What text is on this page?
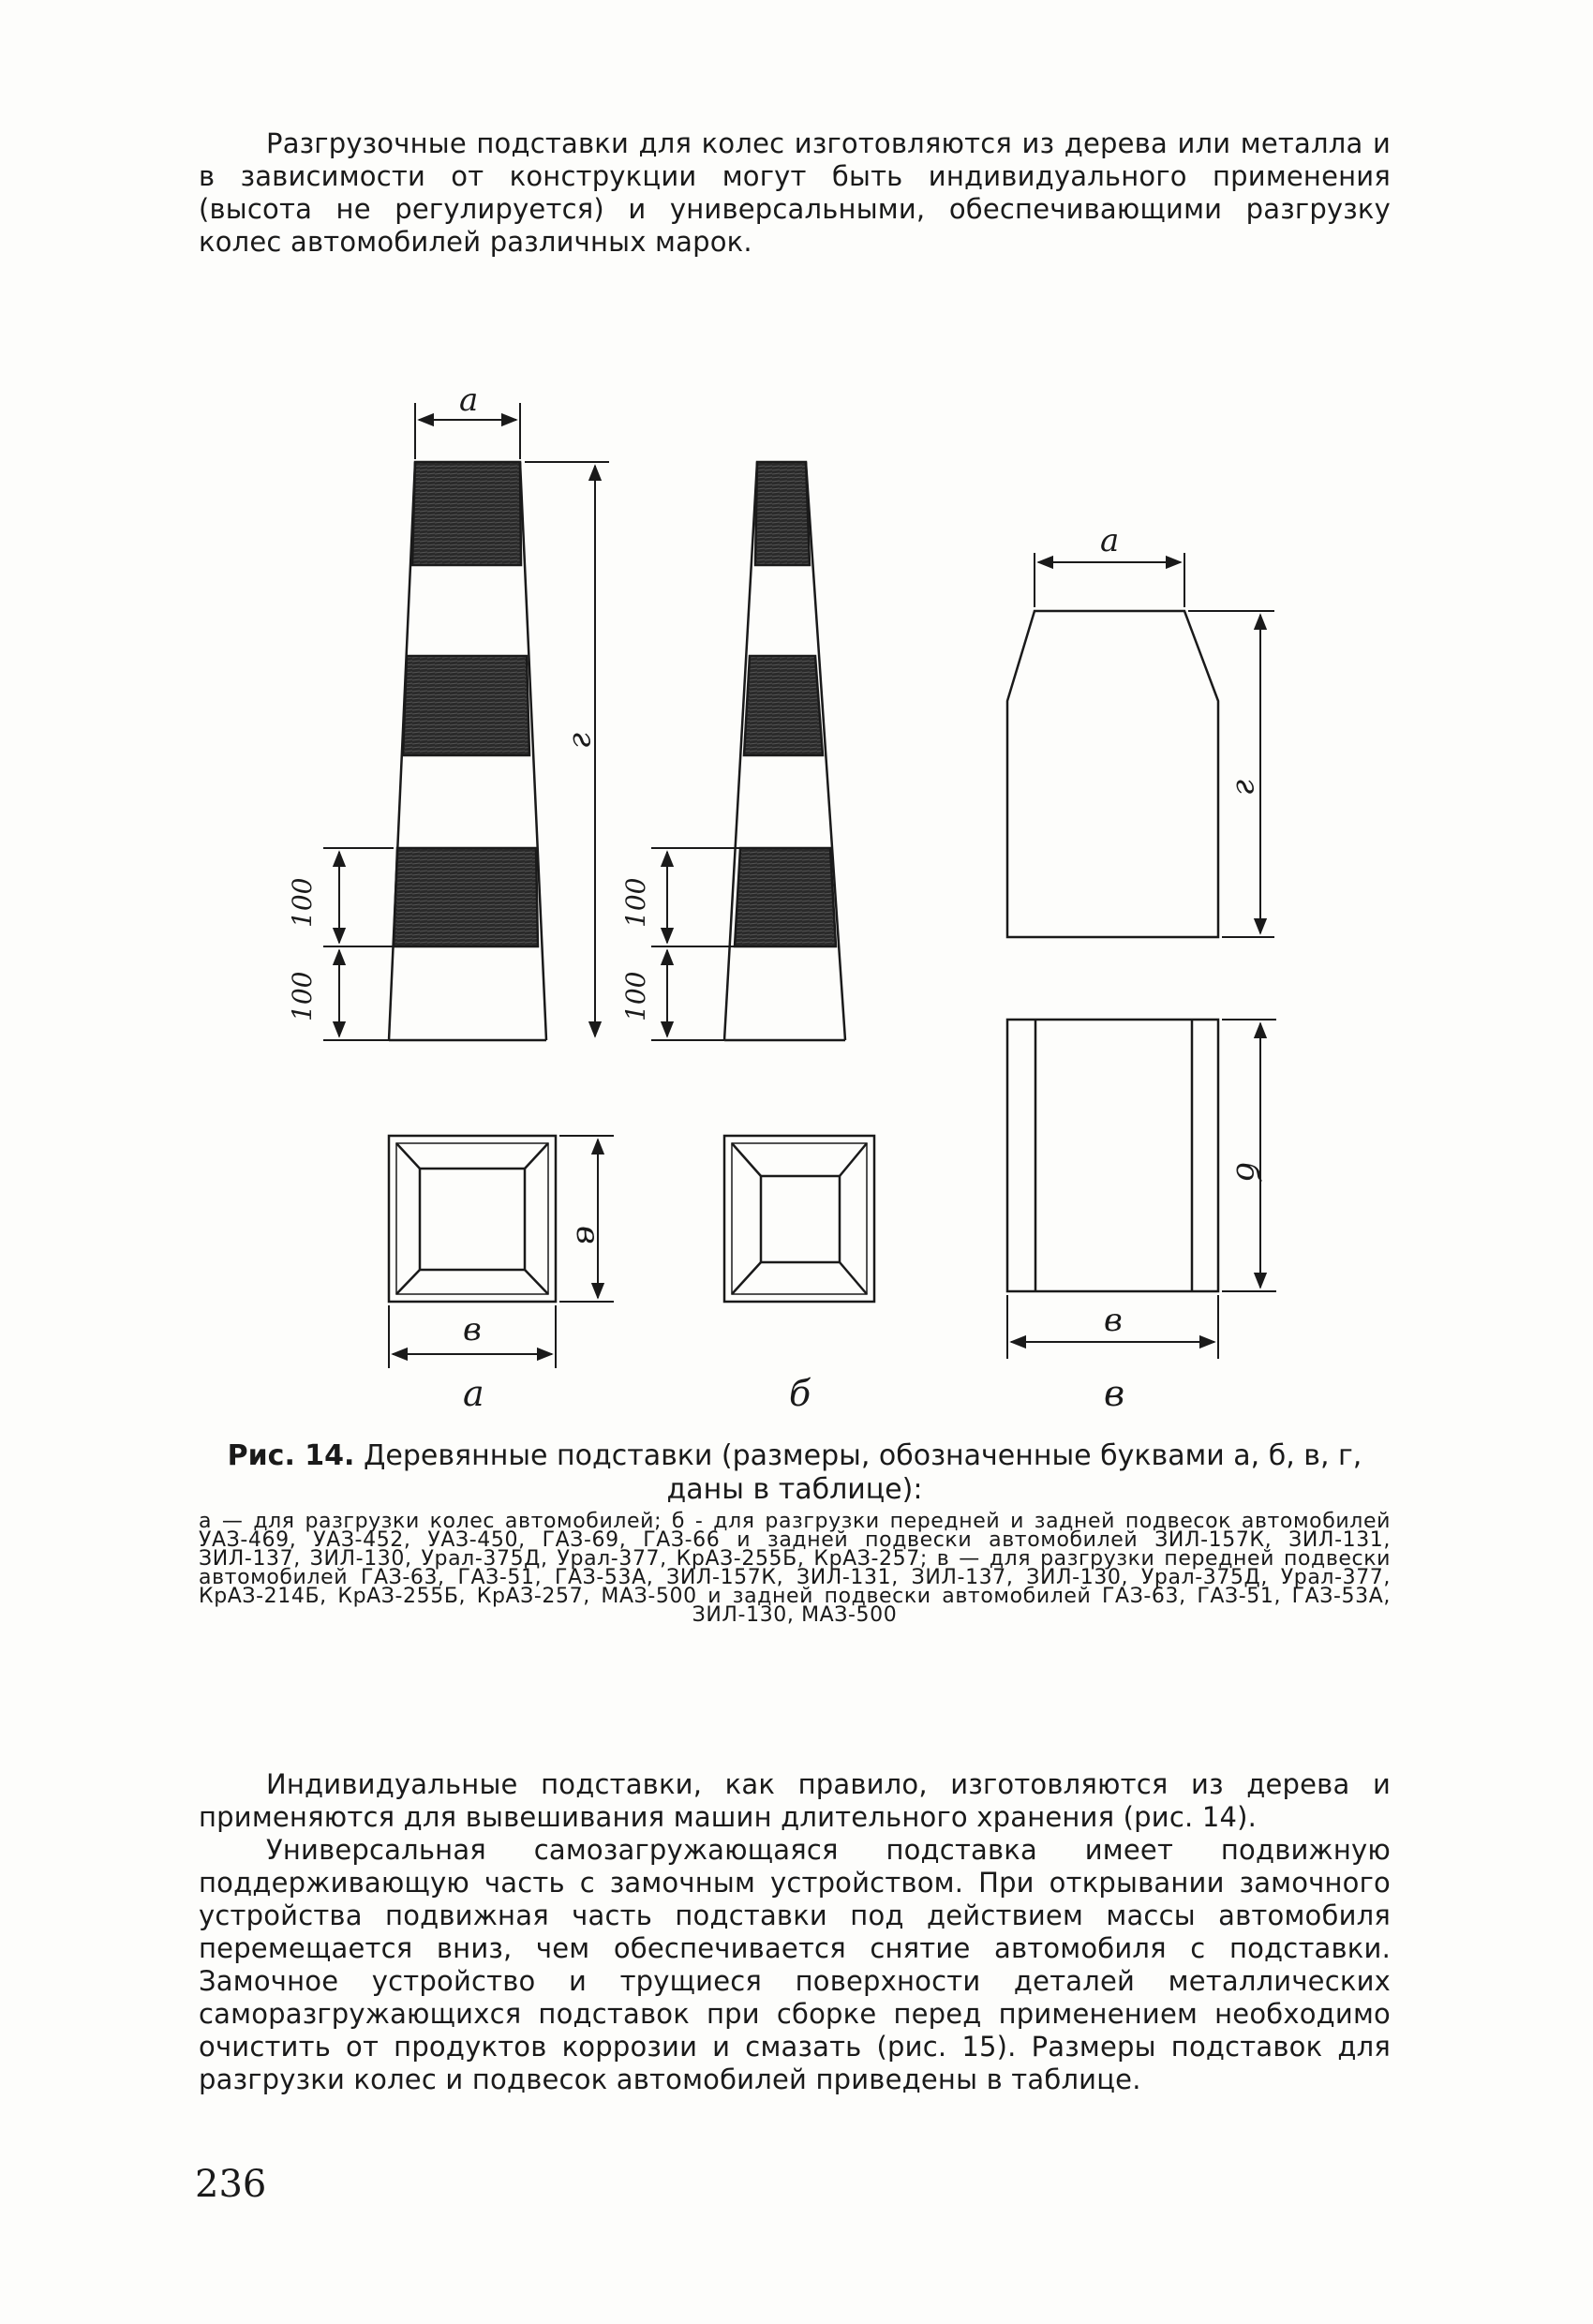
Разгрузочные подставки для колес изготовляются из дерева или металла и в зависимости от конструкции могут быть индивидуального применения (высота не регулируется) и универсальными, обеспечивающими разгрузку колес автомобилей различных марок.

а
г
100
100
100
100
в
в
а
г
б
в
а	б	в

Рис. 14. Деревянные подставки (размеры, обозначенные буквами а, б, в, г, даны в таблице):

а — для разгрузки колес автомобилей; б - для разгрузки передней и задней подвесок автомобилей УАЗ-469, УАЗ-452, УАЗ-450, ГАЗ-69, ГАЗ-66 и задней подвески автомобилей ЗИЛ-157К, ЗИЛ-131, ЗИЛ-137, ЗИЛ-130, Урал-375Д, Урал-377, КрАЗ-255Б, КрАЗ-257; в — для разгрузки передней подвески автомобилей ГАЗ-63, ГАЗ-51, ГАЗ-53А, ЗИЛ-157К, ЗИЛ-131, ЗИЛ-137, ЗИЛ-130, Урал-375Д, Урал-377, КрАЗ-214Б, КрАЗ-255Б, КрАЗ-257, МАЗ-500 и задней подвески автомобилей ГАЗ-63, ГАЗ-51, ГАЗ-53А, ЗИЛ-130, МАЗ-500

Индивидуальные подставки, как правило, изготовляются из дерева и применяются для вывешивания машин длительного хранения (рис. 14).

Универсальная самозагружающаяся подставка имеет подвижную поддерживающую часть с замочным устройством. При открывании замочного устройства подвижная часть подставки под действием массы автомобиля перемещается вниз, чем обеспечивается снятие автомобиля с подставки. Замочное устройство и трущиеся поверхности деталей металлических саморазгружающихся подставок при сборке перед применением необходимо очистить от продуктов коррозии и смазать (рис. 15). Размеры подставок для разгрузки колес и подвесок автомобилей приведены в таблице.

236
